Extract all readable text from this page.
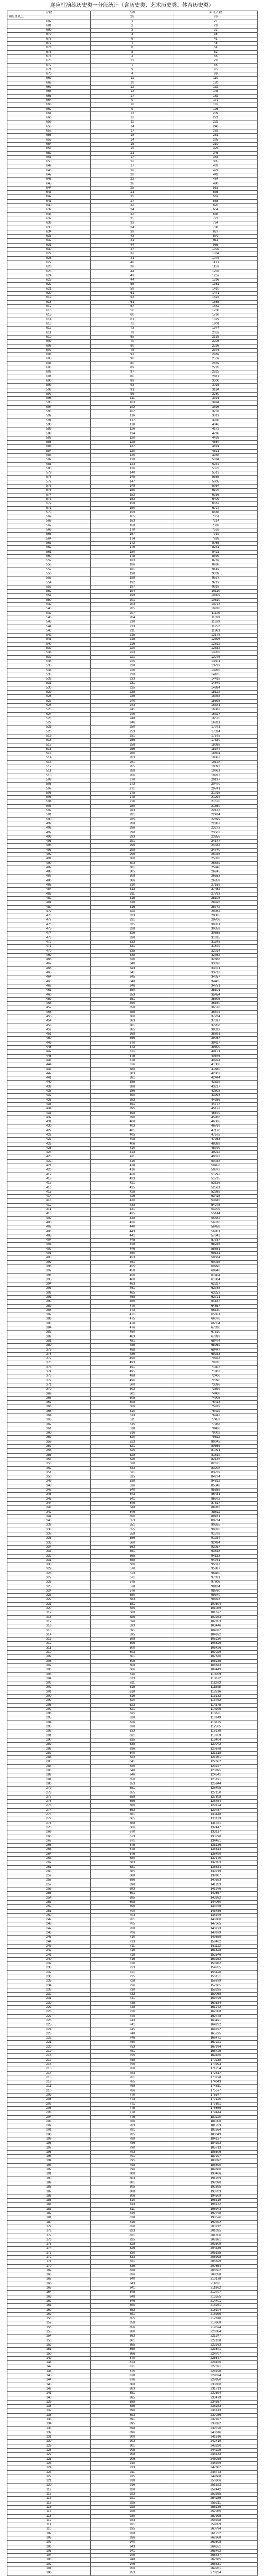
遂应性演练历史类一分段统计（含历史类、艺术历史类、体育历史类）
分数	人数	累计人数
683及以上	26	26
682	1	27
681	2	29
680	3	32
679	3	35
678	6	41
677	7	48
676	6	54
675	8	62
674	4	66
673	13	79
672	7	86
671	9	95
670	4	99
669	11	110
668	10	120
667	12	132
666	13	145
665	17	162
664	9	171
663	16	187
662	9	196
661	13	209
660	12	221
659	11	232
658	14	246
657	17	263
656	18	281
655	14	295
654	15	310
653	15	325
652	21	346
651	17	363
650	22	385
649	17	402
648	20	422
647	20	442
646	22	464
645	26	490
644	25	515
643	21	536
642	25	561
641	27	588
640	32	620
639	34	654
638	32	686
637	35	721
636	33	754
635	34	788
634	39	827
633	43	870
632	41	911
631	44	955
630	47	1002
629	32	1034
628	41	1075
627	46	1121
626	38	1159
625	44	1203
624	49	1252
623	44	1296
622	55	1351
621	59	1410
620	61	1471
619	53	1524
618	61	1585
617	67	1652
616	56	1708
615	60	1768
614	61	1829
613	72	1901
612	73	1974
611	79	2053
610	85	2138
609	70	2208
608	90	2298
607	78	2376
606	93	2469
605	90	2559
604	80	2639
603	89	2728
602	97	2825
601	86	2911
600	89	3000
599	93	3093
598	91	3184
597	96	3280
596	111	3391
595	103	3494
594	102	3596
593	107	3703
592	116	3819
591	117	3936
590	110	4046
589	126	4172
588	124	4296
587	130	4426
586	128	4554
585	137	4691
584	130	4821
583	135	4956
582	138	5094
581	143	5237
580	136	5373
579	140	5513
578	145	5658
577	147	5805
576	149	5954
575	150	6104
574	152	6256
573	153	6409
572	158	6567
571	160	6727
570	159	6886
569	165	7051
568	163	7214
567	168	7382
566	170	7552
565	167	7719
564	174	7893
563	172	8065
562	176	8241
561	180	8421
560	178	8599
559	183	8782
558	186	8968
557	181	9149
556	190	9339
555	188	9527
554	192	9719
553	197	9916
552	194	10110
551	199	10309
550	201	10510
549	203	10713
548	205	10918
547	207	11125
546	204	11329
545	210	11539
544	213	11752
543	211	11963
542	215	12178
541	218	12396
540	216	12612
539	220	12832
538	223	13055
537	221	13276
536	225	13501
535	228	13729
534	226	13955
533	230	14185
532	233	14418
531	231	14649
530	235	14884
529	238	15122
528	236	15358
527	240	15598
526	243	15841
525	241	16082
524	245	16327
523	248	16575
522	246	16821
521	250	17071
520	253	17324
519	251	17575
518	255	17830
517	258	18088
516	256	18344
515	260	18604
514	263	18867
513	261	19128
512	265	19393
511	268	19661
510	266	19927
509	270	20197
508	273	20470
507	271	20741
506	275	21016
505	278	21294
504	276	21570
503	280	21850
502	283	22133
501	281	22414
500	285	22699
499	288	22987
498	286	23273
497	290	23563
496	293	23856
495	291	24147
494	295	24442
493	298	24740
492	296	25036
491	300	25336
490	303	25639
489	301	25940
488	305	26245
487	308	26553
486	306	26859
485	310	27169
484	313	27482
483	311	27793
482	315	28108
481	318	28426
480	316	28742
479	320	29062
478	323	29385
477	321	29706
476	325	30031
475	328	30359
474	326	30685
473	330	31015
472	333	31348
471	331	31679
470	335	32014
469	338	32352
468	336	32688
467	340	33028
466	343	33371
465	341	33712
464	345	34057
463	348	34405
462	346	34751
461	350	35101
460	353	35454
459	351	35805
458	355	36160
457	358	36518
456	356	36874
455	360	37234
454	363	37597
453	361	37958
452	365	38323
451	368	38691
450	366	39057
449	370	39427
448	373	39800
447	371	40171
446	375	40546
445	378	40924
444	376	41300
443	380	41680
442	383	42063
441	381	42444
440	385	42829
439	388	43217
438	386	43603
437	390	43993
436	393	44386
435	391	44777
434	395	45172
433	398	45570
432	396	45966
431	400	46366
430	403	46769
429	401	47170
428	405	47575
427	408	47983
426	406	48389
425	410	48799
424	413	49212
423	411	49623
422	415	50038
421	418	50456
420	416	50872
419	420	51292
418	423	51715
417	421	52136
416	425	52561
415	428	52989
414	426	53415
413	430	53845
412	433	54278
411	431	54709
410	435	55144
409	438	55582
408	436	56018
407	440	56458
406	443	56901
405	441	57342
404	445	57787
403	448	58235
402	446	58681
401	450	59131
400	453	59584
399	451	60035
398	455	60490
397	458	60948
396	456	61404
395	460	61864
394	463	62327
393	461	62788
392	465	63253
391	468	63721
390	466	64187
389	470	64657
388	473	65130
387	471	65601
386	475	66076
385	478	66554
384	476	67030
383	480	67510
382	483	67993
381	481	68474
380	485	68959
379	488	69447
378	486	69933
377	490	70423
376	493	70916
375	491	71407
374	495	71902
373	498	72400
372	496	72896
371	500	73396
370	503	73899
369	501	74400
368	505	74905
367	508	75413
366	506	75919
365	510	76429
364	513	76942
363	511	77453
362	515	77968
361	518	78486
360	516	79002
359	520	79522
358	523	80045
357	521	80566
356	525	81091
355	528	81619
354	526	82145
353	530	82675
352	533	83208
351	531	83739
350	535	84274
349	538	84812
348	536	85348
347	540	85888
346	543	86431
345	541	86972
344	545	87517
343	548	88065
342	546	88611
341	550	89161
340	553	89714
339	551	90265
338	555	90820
337	558	91378
336	556	91934
335	560	92494
334	563	93057
333	561	93618
332	565	94183
331	568	94751
330	566	95317
329	570	95887
328	573	96460
327	571	97031
326	575	97606
325	578	98184
324	576	98760
323	580	99340
322	583	99923
321	581	100504
320	585	101089
319	588	101677
318	586	102263
317	590	102853
316	593	103446
315	591	104037
314	595	104632
313	598	105230
312	596	105826
311	600	106426
310	603	107029
309	601	107630
308	605	108235
307	608	108843
306	606	109449
305	610	110059
304	613	110672
303	611	111283
302	615	111898
301	618	112516
300	616	113132
299	620	113752
298	623	114375
297	621	114996
296	625	115621
295	628	116249
294	626	116875
293	630	117505
292	633	118138
291	631	118769
290	635	119404
289	638	120042
288	636	120678
287	640	121318
286	643	121961
285	641	122602
284	645	123247
283	648	123895
282	646	124541
281	650	125191
280	653	125844
279	651	126495
278	655	127150
277	658	127808
276	656	128464
275	660	129124
274	663	129787
273	661	130448
272	665	131113
271	668	131781
270	666	132447
269	670	133117
268	673	133790
267	671	134461
266	675	135136
265	678	135814
264	676	136490
263	680	137170
262	683	137853
261	681	138534
260	685	139219
259	688	139907
258	686	140593
257	690	141283
256	693	141976
255	691	142667
254	695	143362
253	698	144060
252	696	144756
251	700	145456
250	703	146159
249	701	146860
248	705	147565
247	708	148273
246	706	148979
245	710	149689
244	713	150402
243	711	151113
242	715	151828
241	718	152546
240	716	153262
239	720	153982
238	723	154705
237	721	155426
236	725	156151
235	728	156879
234	726	157605
233	730	158335
232	733	159068
231	731	159799
230	735	160534
229	738	161272
228	736	162008
227	740	162748
226	743	163491
225	741	164232
224	745	164977
223	748	165725
222	746	166471
221	750	167221
220	753	167974
219	751	168725
218	755	169480
217	758	170238
216	756	170994
215	760	171754
214	763	172517
213	761	173278
212	765	174043
211	768	174811
210	766	175577
209	770	176347
208	773	177120
207	771	177891
206	775	178666
205	778	179444
204	776	180220
203	780	181000
202	783	181783
201	781	182564
200	785	183349
199	788	184137
198	786	184923
197	790	185713
196	793	186506
195	791	187297
194	795	188092
193	798	188890
192	796	189686
191	800	190486
190	803	191289
189	801	192090
188	805	192895
187	808	193703
186	806	194509
185	810	195319
184	813	196132
183	811	196943
182	815	197758
181	818	198576
180	816	199392
179	820	200212
178	823	201035
177	821	201856
176	825	202681
175	828	203509
174	826	204335
173	830	205165
172	833	205998
171	831	206829
170	835	207664
169	838	208502
168	836	209338
167	840	210178
166	843	211021
165	841	211862
164	845	212707
163	848	213555
162	846	214401
161	850	215251
160	853	216104
159	851	216955
158	855	217810
157	858	218668
156	856	219524
155	860	220384
154	863	221247
153	861	222108
152	865	222973
151	868	223841
150	866	224707
149	870	225577
148	873	226450
147	871	227321
146	875	228196
145	878	229074
144	876	229950
143	880	230830
142	883	231713
141	881	232594
140	885	233479
139	888	234367
138	886	235253
137	890	236143
136	893	237036
135	891	237927
134	895	238822
133	898	239720
132	896	240616
131	900	241516
130	903	242419
129	901	243320
128	905	244225
127	908	245133
126	906	246039
125	910	246949
124	913	247862
123	911	248773
122	915	249688
121	918	250606
120	916	251522
119	920	252442
118	923	253365
117	921	254286
116	925	255211
115	928	256139
114	926	257065
113	930	257995
112	933	258928
111	931	259859
110	935	260794
109	938	261732
108	936	262668
107	940	263608
106	943	264551
105	941	265492
104	945	266437
103	948	267385
102	946	268331
101	950	269281
100	953	270234
